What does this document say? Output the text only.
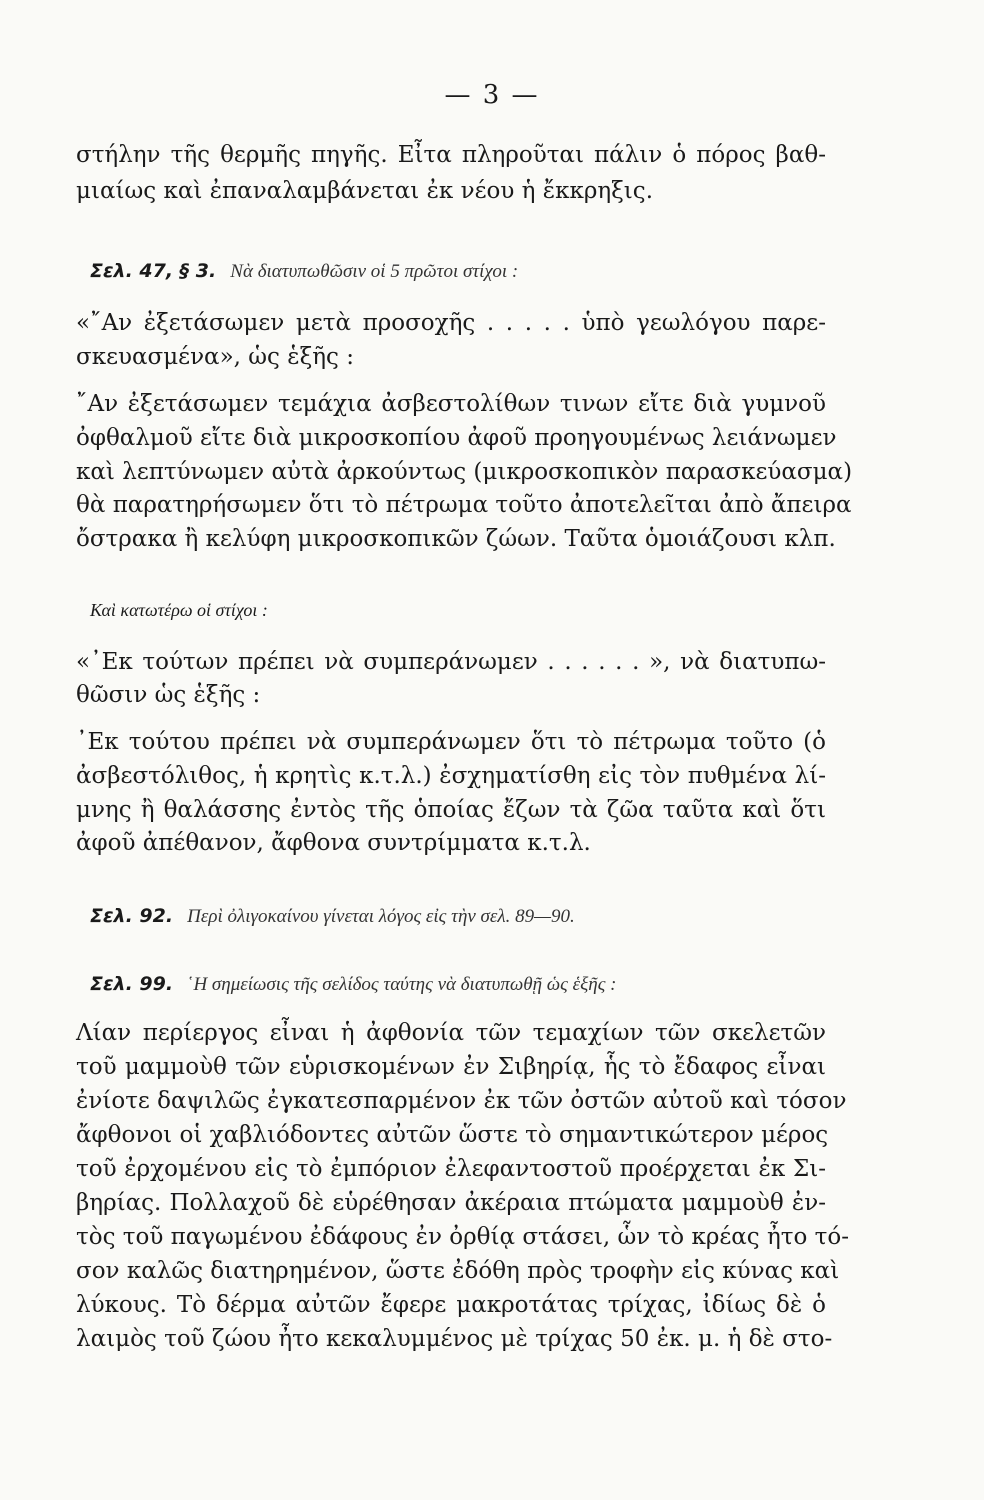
— 3 —
στήλην τῆς θερμῆς πηγῆς. Εἶτα πληροῦται πάλιν ὁ πόρος βαθ-
μιαίως καὶ ἐπαναλαμβάνεται ἐκ νέου ἡ ἔκκρηξις.
Σελ. 47, § 3. Νὰ διατυπωθῶσιν οἱ 5 πρῶτοι στίχοι :
«῎Αν ἐξετάσωμεν μετὰ προσοχῆς . . . . . ὑπὸ γεωλόγου παρε-
σκευασμένα», ὡς ἑξῆς :
῎Αν ἐξετάσωμεν τεμάχια ἀσβεστολίθων τινων εἴτε διὰ γυμνοῦ
ὀφθαλμοῦ εἴτε διὰ μικροσκοπίου ἀφοῦ προηγουμένως λειάνωμεν
καὶ λεπτύνωμεν αὐτὰ ἀρκούντως (μικροσκοπικὸν παρασκεύασμα)
θὰ παρατηρήσωμεν ὅτι τὸ πέτρωμα τοῦτο ἀποτελεῖται ἀπὸ ἄπειρα
ὄστρακα ἢ κελύφη μικροσκοπικῶν ζώων. Ταῦτα ὁμοιάζουσι κλπ.
Καὶ κατωτέρω οἱ στίχοι :
«᾽Εκ τούτων πρέπει νὰ συμπεράνωμεν . . . . . . », νὰ διατυπω-
θῶσιν ὡς ἑξῆς :
᾽Εκ τούτου πρέπει νὰ συμπεράνωμεν ὅτι τὸ πέτρωμα τοῦτο (ὁ
ἀσβεστόλιθος, ἡ κρητὶς κ.τ.λ.) ἐσχηματίσθη εἰς τὸν πυθμένα λί-
μνης ἢ θαλάσσης ἐντὸς τῆς ὁποίας ἔζων τὰ ζῶα ταῦτα καὶ ὅτι
ἀφοῦ ἀπέθανον, ἄφθονα συντρίμματα κ.τ.λ.
Σελ. 92. Περὶ ὀλιγοκαίνου γίνεται λόγος εἰς τὴν σελ. 89—90.
Σελ. 99. ῾Η σημείωσις τῆς σελίδος ταύτης νὰ διατυπωθῇ ὡς ἑξῆς :
Λίαν περίεργος εἶναι ἡ ἀφθονία τῶν τεμαχίων τῶν σκελετῶν
τοῦ μαμμοὺθ τῶν εὑρισκομένων ἐν Σιβηρίᾳ, ἧς τὸ ἔδαφος εἶναι
ἐνίοτε δαψιλῶς ἐγκατεσπαρμένον ἐκ τῶν ὀστῶν αὐτοῦ καὶ τόσον
ἄφθονοι οἱ χαβλιόδοντες αὐτῶν ὥστε τὸ σημαντικώτερον μέρος
τοῦ ἐρχομένου εἰς τὸ ἐμπόριον ἐλεφαντοστοῦ προέρχεται ἐκ Σι-
βηρίας. Πολλαχοῦ δὲ εὑρέθησαν ἀκέραια πτώματα μαμμοὺθ ἐν-
τὸς τοῦ παγωμένου ἐδάφους ἐν ὀρθίᾳ στάσει, ὧν τὸ κρέας ἦτο τό-
σον καλῶς διατηρημένον, ὥστε ἐδόθη πρὸς τροφὴν εἰς κύνας καὶ
λύκους. Τὸ δέρμα αὐτῶν ἔφερε μακροτάτας τρίχας, ἰδίως δὲ ὁ
λαιμὸς τοῦ ζώου ἦτο κεκαλυμμένος μὲ τρίχας 50 ἐκ. μ. ἡ δὲ στο-
